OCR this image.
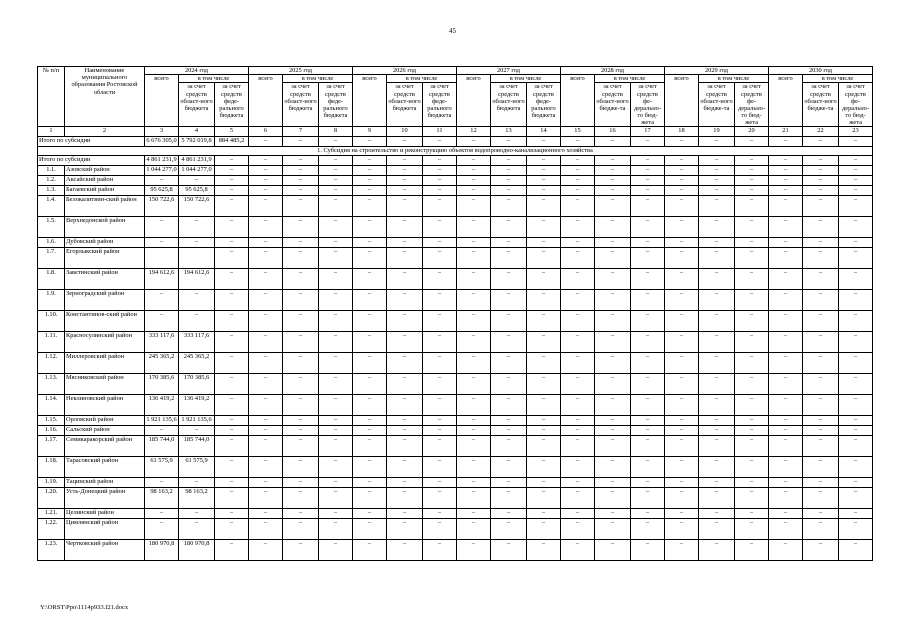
45
№ п/п	Наименование муниципального образования Ростовской области	2024 год			2025 год			2026 год			2027 год			2028 год			2029 год			2030 год		
		всего	в том числе		всего	в том числе		всего	в том числе		всего	в том числе		всего	в том числе		всего	в том числе		всего	в том числе	
			за счет средств област-ного бюджета	за счет средств феде-рального бюджета		за счет средств област-ного бюджета	за счет средств феде-рального бюджета		за счет средств област-ного бюджета	за счет средств феде-рального бюджета		за счет средств област-ного бюджета	за счет средств феде-рального бюджета		за счет средств област-ного бюдже-та	за счет средств фе-дерально-го бюд-жета		за счет средств област-ного бюдже-та	за счет средств фе-дерально-го бюд-жета		за счет средств област-ного бюдже-та	за счет средств фе-дерально-го бюд-жета
1	2	3	4	5	6	7	8	9	10	11	12	13	14	15	16	17	18	19	20	21	22	23
Итого по субсидии		6 676 305,0	5 792 019,8	884 485,2	–	–	–	–	–	–	–	–	–	–	–	–	–	–	–	–	–	–
1. Субсидия на строительство и реконструкцию объектов водопроводно-канализационного хозяйства																						
Итого по субсидии		4 861 231,9	4 861 231,9	–	–	–	–	–	–	–	–	–	–	–	–	–	–	–	–	–	–	–
1.1.	Азовский район	1 044 277,0	1 044 277,0	–	–	–	–	–	–	–	–	–	–	–	–	–	–	–	–	–	–	–
1.2.	Аксайский район	–	–	–	–	–	–	–	–	–	–	–	–	–	–	–	–	–	–	–	–	–
1.3.	Багаевский район	95 625,8	95 625,8	–	–	–	–	–	–	–	–	–	–	–	–	–	–	–	–	–	–	–
1.4.	Белокалитвин-ский район	150 722,6	150 722,6	–	–	–	–	–	–	–	–	–	–	–	–	–	–	–	–	–	–	–
1.5.	Верхнедонской район	–	–	–	–	–	–	–	–	–	–	–	–	–	–	–	–	–	–	–	–	–
1.6.	Дубовский район	–	–	–	–	–	–	–	–	–	–	–	–	–	–	–	–	–	–	–	–	–
1.7.	Егорлыкский район			–	–	–	–	–	–	–	–	–	–	–	–	–	–	–	–	–	–	–
1.8.	Заветинский район	194 612,6	194 612,6	–	–	–	–	–	–	–	–	–	–	–	–	–	–	–	–	–	–	–
1.9.	Зерноградский район	–	–	–	–	–	–	–	–	–	–	–	–	–	–	–	–	–	–	–	–	–
1.10.	Константинов-ский район	–	–	–	–	–	–	–	–	–	–	–	–	–	–	–	–	–	–	–	–	–
1.11.	Красносулинский район	333 117,6	333 117,6	–	–	–	–	–	–	–	–	–	–	–	–	–	–	–	–	–	–	–
1.12.	Миллеровский район	245 365,2	245 365,2	–	–	–	–	–	–	–	–	–	–	–	–	–	–	–	–	–	–	–
1.13.	Мясниковский район	170 385,6	170 385,6	–	–	–	–	–	–	–	–	–	–	–	–	–	–	–	–	–	–	–
1.14.	Неклиновский район	136 419,2	136 419,2	–	–	–	–	–	–	–	–	–	–	–	–	–	–	–	–	–	–	–
1.15.	Орловский район	1 921 135,6	1 921 135,6	–	–	–	–	–	–	–	–	–	–	–	–	–	–	–	–	–	–	–
1.16.	Сальский район	–	–	–	–	–	–	–	–	–	–	–	–	–	–	–	–	–	–	–	–	–
1.17.	Семикаракорский район	185 744,0	185 744,0	–	–	–	–	–	–	–	–	–	–	–	–	–	–	–	–	–	–	–
1.18.	Тарасовский район	61 575,9	61 575,9	–	–	–	–	–	–	–	–	–	–	–	–	–	–	–	–	–	–	–
1.19.	Тацинский район	–	–	–	–	–	–	–	–	–	–	–	–	–	–	–	–	–	–	–	–	–
1.20.	Усть-Донецкий район	98 163,2	98 163,2	–	–	–	–	–	–	–	–	–	–	–	–	–	–	–	–	–	–	–
1.21.	Целинский район	–	–	–	–	–	–	–	–	–	–	–	–	–	–	–	–	–	–	–	–	–
1.22.	Цимлянский район	–	–	–	–	–	–	–	–	–	–	–	–	–	–	–	–	–	–	–	–	–
1.23.	Чертковский район	180 970,8	180 970,8	–	–	–	–	–	–	–	–	–	–	–	–	–	–	–	–	–	–	–
Y:\ORST\Ppo\1114p933.f21.docx
